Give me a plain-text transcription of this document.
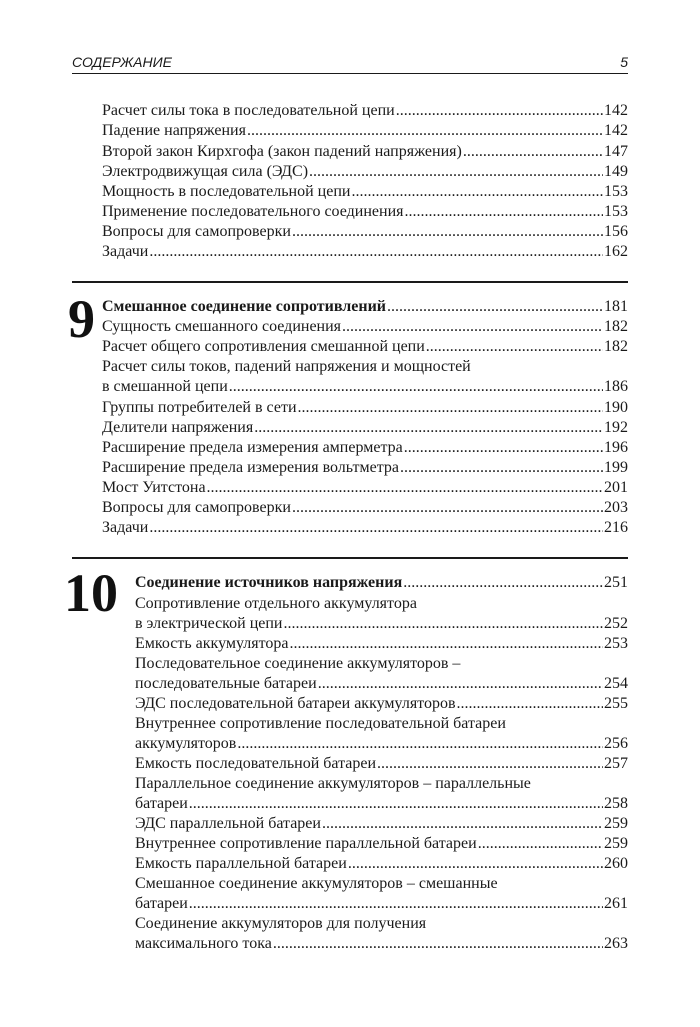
СОДЕРЖАНИЕ	5
Расчет силы тока в последовательной цепи .....	142
Падение напряжения .....	142
Второй закон Кирхгофа (закон падений напряжения) .....	147
Электродвижущая сила (ЭДС) .....	149
Мощность в последовательной цепи .....	153
Применение последовательного соединения .....	153
Вопросы для самопроверки .....	156
Задачи .....	162
9 Смешанное соединение сопротивлений .....	181
Сущность смешанного соединения .....	182
Расчет общего сопротивления смешанной цепи .....	182
Расчет силы токов, падений напряжения и мощностей
в смешанной цепи .....	186
Группы потребителей в сети .....	190
Делители напряжения .....	192
Расширение предела измерения амперметра .....	196
Расширение предела измерения вольтметра .....	199
Мост Уитстона .....	201
Вопросы для самопроверки .....	203
Задачи .....	216
10 Соединение источников напряжения .....	251
Сопротивление отдельного аккумулятора
в электрической цепи .....	252
Емкость аккумулятора .....	253
Последовательное соединение аккумуляторов –
последовательные батареи .....	254
ЭДС последовательной батареи аккумуляторов .....	255
Внутреннее сопротивление последовательной батареи
аккумуляторов .....	256
Емкость последовательной батареи .....	257
Параллельное соединение аккумуляторов – параллельные
батареи .....	258
ЭДС параллельной батареи .....	259
Внутреннее сопротивление параллельной батареи .....	259
Емкость параллельной батареи .....	260
Смешанное соединение аккумуляторов – смешанные
батареи .....	261
Соединение аккумуляторов для получения
максимального тока .....	263
